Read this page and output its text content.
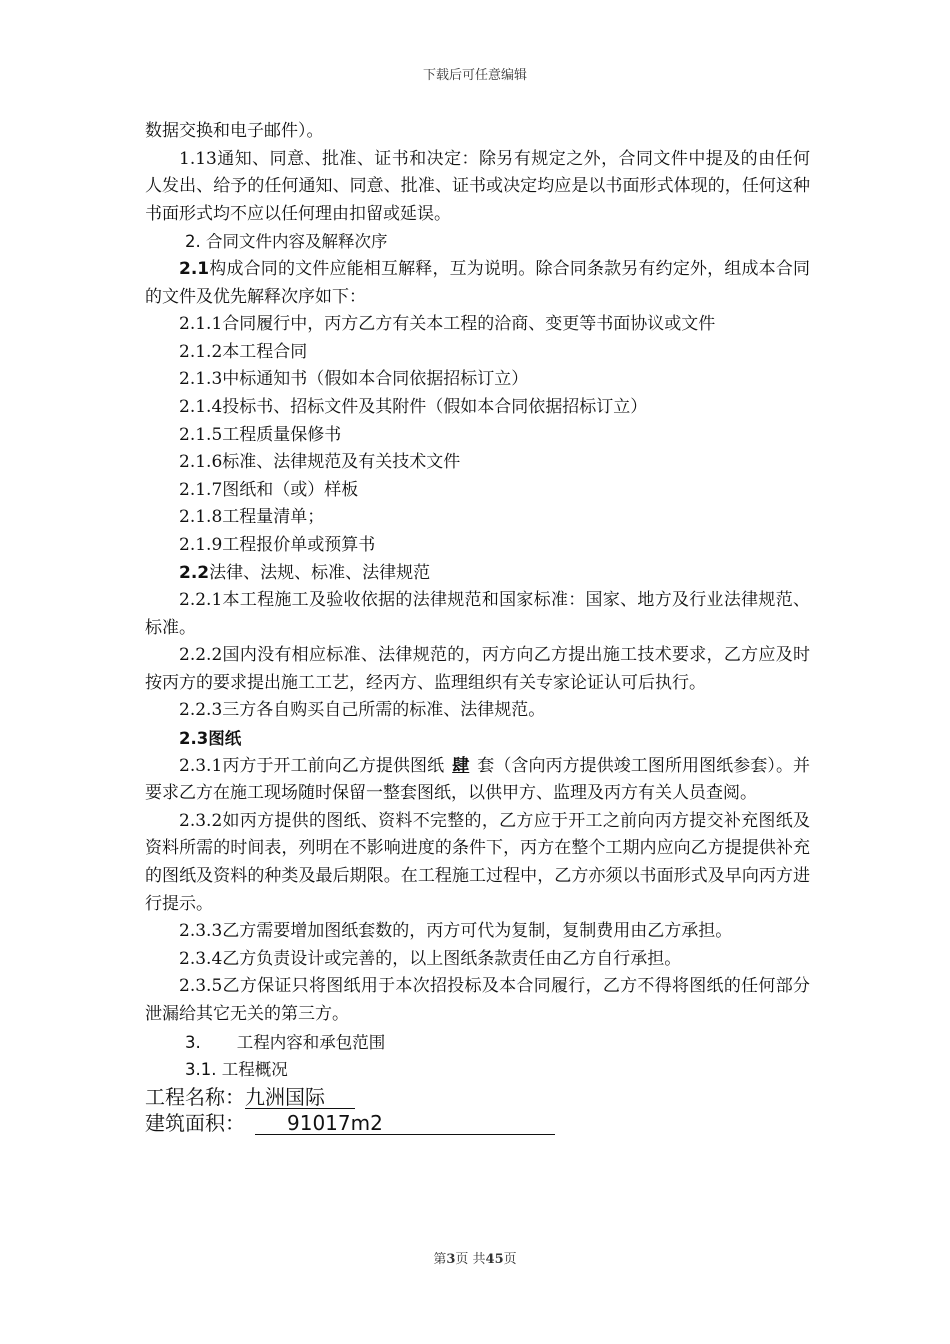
下载后可任意编辑

数据交换和电子邮件）。

1.13通知、同意、批准、证书和决定：除另有规定之外，合同文件中提及的由任何人发出、给予的任何通知、同意、批准、证书或决定均应是以书面形式体现的，任何这种书面形式均不应以任何理由扣留或延误。

2. 合同文件内容及解释次序

2.1构成合同的文件应能相互解释，互为说明。除合同条款另有约定外，组成本合同的文件及优先解释次序如下：

2.1.1合同履行中，丙方乙方有关本工程的洽商、变更等书面协议或文件

2.1.2本工程合同

2.1.3中标通知书（假如本合同依据招标订立）

2.1.4投标书、招标文件及其附件（假如本合同依据招标订立）

2.1.5工程质量保修书

2.1.6标准、法律规范及有关技术文件

2.1.7图纸和（或）样板

2.1.8工程量清单；

2.1.9工程报价单或预算书

2.2法律、法规、标准、法律规范

2.2.1本工程施工及验收依据的法律规范和国家标准：国家、地方及行业法律规范、标准。

2.2.2国内没有相应标准、法律规范的，丙方向乙方提出施工技术要求，乙方应及时按丙方的要求提出施工工艺，经丙方、监理组织有关专家论证认可后执行。

2.2.3三方各自购买自己所需的标准、法律规范。

2.3图纸

2.3.1丙方于开工前向乙方提供图纸 肆 套（含向丙方提供竣工图所用图纸参套）。并要求乙方在施工现场随时保留一整套图纸，以供甲方、监理及丙方有关人员查阅。

2.3.2如丙方提供的图纸、资料不完整的，乙方应于开工之前向丙方提交补充图纸及资料所需的时间表，列明在不影响进度的条件下，丙方在整个工期内应向乙方提提供补充的图纸及资料的种类及最后期限。在工程施工过程中，乙方亦须以书面形式及早向丙方进行提示。

2.3.3乙方需要增加图纸套数的，丙方可代为复制，复制费用由乙方承担。

2.3.4乙方负责设计或完善的，以上图纸条款责任由乙方自行承担。

2.3.5乙方保证只将图纸用于本次招投标及本合同履行，乙方不得将图纸的任何部分泄漏给其它无关的第三方。

3. 工程内容和承包范围

3.1. 工程概况

工程名称：九洲国际

建筑面积： 91017m2

第3页 共45页
